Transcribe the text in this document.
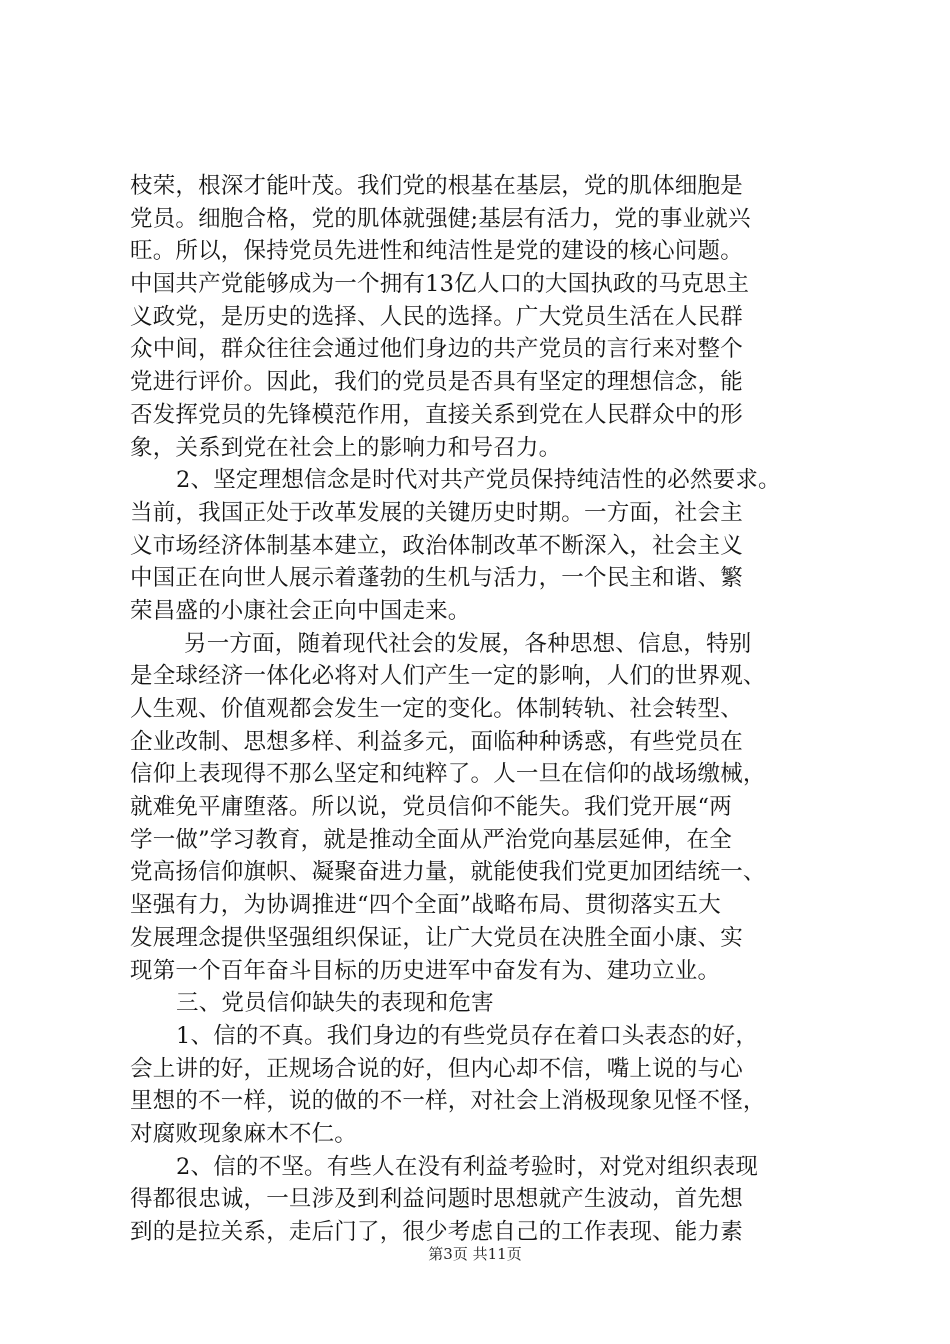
枝荣，根深才能叶茂。我们党的根基在基层，党的肌体细胞是
党员。细胞合格，党的肌体就强健;基层有活力，党的事业就兴
旺。所以，保持党员先进性和纯洁性是党的建设的核心问题。
中国共产党能够成为一个拥有13亿人口的大国执政的马克思主
义政党，是历史的选择、人民的选择。广大党员生活在人民群
众中间，群众往往会通过他们身边的共产党员的言行来对整个
党进行评价。因此，我们的党员是否具有坚定的理想信念，能
否发挥党员的先锋模范作用，直接关系到党在人民群众中的形
象，关系到党在社会上的影响力和号召力。
2、坚定理想信念是时代对共产党员保持纯洁性的必然要求。
当前，我国正处于改革发展的关键历史时期。一方面，社会主
义市场经济体制基本建立，政治体制改革不断深入，社会主义
中国正在向世人展示着蓬勃的生机与活力，一个民主和谐、繁
荣昌盛的小康社会正向中国走来。
另一方面，随着现代社会的发展，各种思想、信息，特别
是全球经济一体化必将对人们产生一定的影响，人们的世界观、
人生观、价值观都会发生一定的变化。体制转轨、社会转型、
企业改制、思想多样、利益多元，面临种种诱惑，有些党员在
信仰上表现得不那么坚定和纯粹了。人一旦在信仰的战场缴械，
就难免平庸堕落。所以说，党员信仰不能失。我们党开展“两
学一做”学习教育，就是推动全面从严治党向基层延伸，在全
党高扬信仰旗帜、凝聚奋进力量，就能使我们党更加团结统一、
坚强有力，为协调推进“四个全面”战略布局、贯彻落实五大
发展理念提供坚强组织保证，让广大党员在决胜全面小康、实
现第一个百年奋斗目标的历史进军中奋发有为、建功立业。
三、党员信仰缺失的表现和危害
1、信的不真。我们身边的有些党员存在着口头表态的好，
会上讲的好，正规场合说的好，但内心却不信，嘴上说的与心
里想的不一样，说的做的不一样，对社会上消极现象见怪不怪，
对腐败现象麻木不仁。
2、信的不坚。有些人在没有利益考验时，对党对组织表现
得都很忠诚，一旦涉及到利益问题时思想就产生波动，首先想
到的是拉关系，走后门了，很少考虑自己的工作表现、能力素
第3页 共11页
